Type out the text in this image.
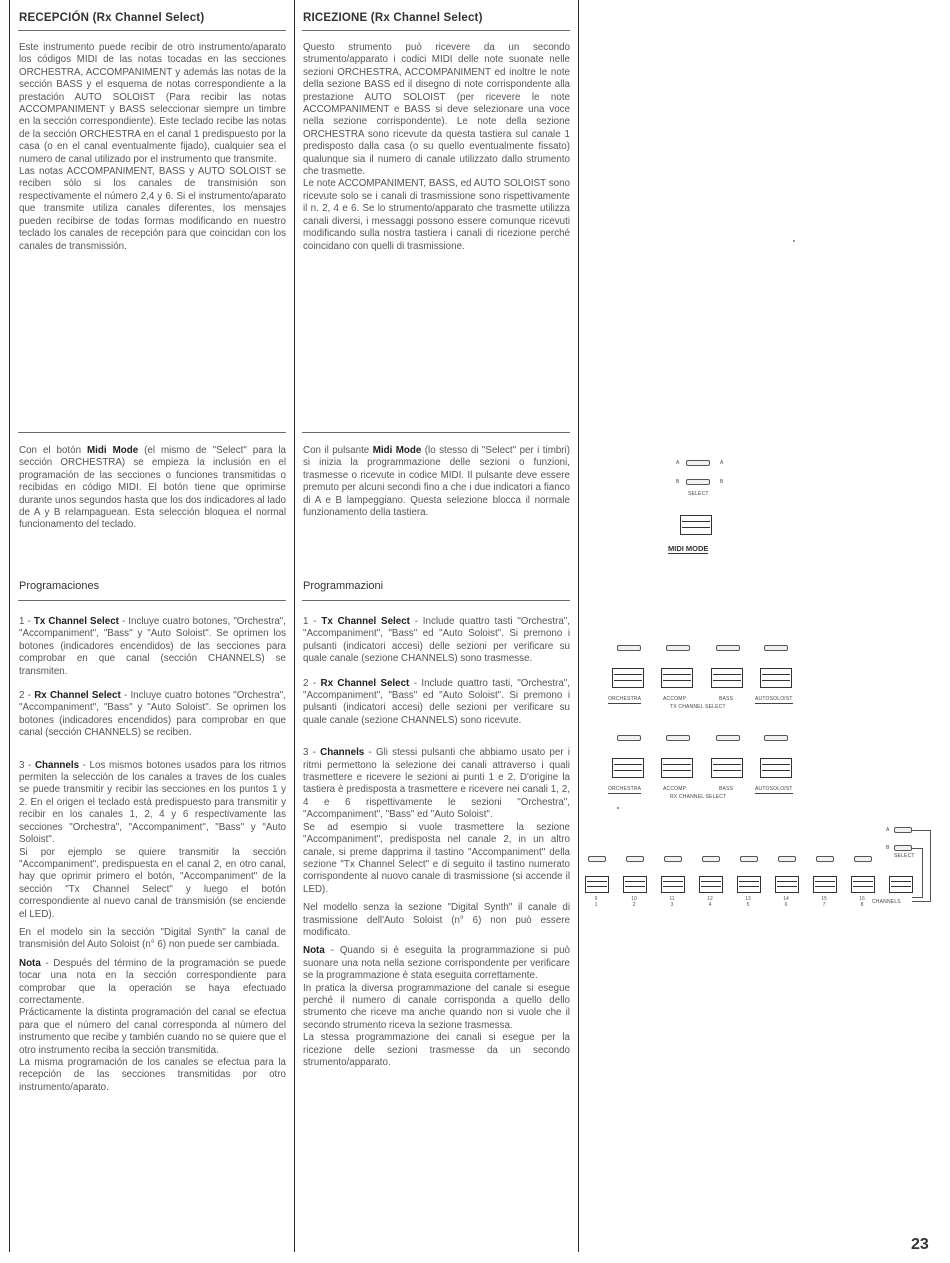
RECEPCIÓN (Rx Channel Select)

Este instrumento puede recibir de otro instrumento/aparato los códigos MIDI de las notas tocadas en las secciones ORCHESTRA, ACCOMPANIMENT y además las notas de la sección BASS y el esquema de notas correspondiente a la prestación AUTO SOLOIST (Para recibir las notas ACCOMPANIMENT y BASS seleccionar siempre un timbre en la sección correspondiente). Este teclado recibe las notas de la sección ORCHESTRA en el canal 1 predispuesto por la casa (o en el canal eventualmente fijado), cualquier sea el numero de canal utilizado por el instrumento que transmite.

Las notas ACCOMPANIMENT, BASS y AUTO SOLOIST se reciben sólo si los canales de transmisión son respectivamente el número 2,4 y 6. Si el instrumento/aparato que transmite utiliza canales diferentes, los mensajes pueden recibirse de todas formas modificando en nuestro teclado los canales de recepción para que coincidan con los canales de transmissión.

Con el botón Midi Mode (el mismo de "Select" para la sección ORCHESTRA) se empieza la inclusión en el programación de las secciones o funciones transmitidas o recibidas en código MIDI. El botón tiene que oprimirse durante unos segundos hasta que los dos indicadores al lado de A y B relampaguean. Esta selección bloquea el normal funcionamento del teclado.

Programaciones

1 - Tx Channel Select - Incluye cuatro botones, "Orchestra", "Accompaniment", "Bass" y "Auto Soloist". Se oprimen los botones (indicadores encendidos) de las secciones para comprobar en que canal (sección CHANNELS) se transmiten.

2 - Rx Channel Select - Incluye cuatro botones "Orchestra", "Accompaniment", "Bass" y "Auto Soloist". Se oprimen los botones (indicadores encendidos) para comprobar en que canal (sección CHANNELS) se reciben.

3 - Channels - Los mismos botones usados para los ritmos permiten la selección de los canales a traves de los cuales se puede transmitir y recibir las secciones en los puntos 1 y 2. En el origen el teclado está predispuesto para transmitir y recibir en los canales 1, 2, 4 y 6 respectivamente las secciones "Orchestra", "Accompaniment", "Bass" y "Auto Soloist".

Si por ejemplo se quiere transmitir la sección "Accompaniment", predispuesta en el canal 2, en otro canal, hay que oprimir primero el botón, "Accompaniment" de la sección "Tx Channel Select" y luego el botón correspondiente al nuevo canal de transmisión (se enciende el LED).

En el modelo sin la sección "Digital Synth" la canal de transmisión del Auto Soloist (n° 6) non puede ser cambiada.

Nota - Después del término de la programación se puede tocar una nota en la sección correspondiente para comprobar que la operación se haya efectuado correctamente.

Prácticamente la distinta programación del canal se efectua para que el número del canal corresponda al número del instrumento que recibe y también cuando no se quiere que el otro instrumento reciba la sección transmitida.

La misma programación de los canales se efectua para la recepción de las secciones transmitidas por otro instrumento/aparato.

RICEZIONE (Rx Channel Select)

Questo strumento può ricevere da un secondo strumento/apparato i codici MIDI delle note suonate nelle sezioni ORCHESTRA, ACCOMPANIMENT ed inoltre le note della sezione BASS ed il disegno di note corrispondente alla prestazione AUTO SOLOIST (per ricevere le note ACCOMPANIMENT e BASS si deve selezionare una voce nella sezione corrispondente). Le note della sezione ORCHESTRA sono ricevute da questa tastiera sul canale 1 predisposto dalla casa (o su quello eventualmente fissato) qualunque sia il numero di canale utilizzato dallo strumento che trasmette.

Le note ACCOMPANIMENT, BASS, ed AUTO SOLOIST sono ricevute solo se i canali di trasmissione sono rispettivamente il n. 2, 4 e 6. Se lo strumento/apparato che trasmette utilizza canali diversi, i messaggi possono essere comunque ricevuti modificando sulla nostra tastiera i canali di ricezione perché coincidano con quelli di trasmissione.

Con il pulsante Midi Mode (lo stesso di "Select" per i timbri) si inizia la programmazione delle sezioni o funzioni, trasmesse o ricevute in codice MIDI. Il pulsante deve essere premuto per alcuni secondi fino a che i due indicatori a fianco di A e B lampeggiano. Questa selezione blocca il normale funzionamento della tastiera.

Programmazioni

1 - Tx Channel Select - Include quattro tasti "Orchestra", "Accompaniment", "Bass" ed "Auto Soloist". Si premono i pulsanti (indicatori accesi) delle sezioni per verificare su quale canale (sezione CHANNELS) sono trasmesse.

2 - Rx Channel Select - Include quattro tasti, "Orchestra", "Accompaniment", "Bass" ed "Auto Soloist". Si premono i pulsanti (indicatori accesi) delle sezioni per verificare su quale canale (sezione CHANNELS) sono ricevute.

3 - Channels - Gli stessi pulsanti che abbiamo usato per i ritmi permettono la selezione dei canali attraverso i quali trasmettere e ricevere le sezioni ai punti 1 e 2. D'origine la tastiera è predisposta a trasmettere e ricevere nei canali 1, 2, 4 e 6 rispettivamente le sezioni "Orchestra", "Accompaniment", "Bass" ed "Auto Soloist".

Se ad esempio si vuole trasmettere la sezione "Accompaniment", predisposta nel canale 2, in un altro canale, si preme dapprima il tastino "Accompaniment" della sezione "Tx Channel Select" e di seguito il tastino numerato corrispondente al nuovo canale di trasmissione (si accende il LED).

Nel modello senza la sezione "Digital Synth" il canale di trasmissione dell'Auto Soloist (n° 6) non può essere modificato.

Nota - Quando si è eseguita la programmazione si può suonare una nota nella sezione corrispondente per verificare se la programmazione è stata eseguita correttamente.

In pratica la diversa programmazione del canale si esegue perché il numero di canale corrisponda a quello dello strumento che riceve ma anche quando non si vuole che il secondo strumento riceva la sezione trasmessa.

La stessa programmazione dei canali si esegue per la ricezione delle sezioni trasmesse da un secondo strumento/apparato.

A	A
B	B
SELECT
MIDI MODE
ORCHESTRA	ACCOMP.	BASS	AUTOSOLOIST
TX CHANNEL SELECT
ORCHESTRA	ACCOMP.	BASS	AUTOSOLOIST
RX CHANNEL SELECT
A
B
SELECT
9	10	11	12	13	14	15	16
1	2	3	4	5	6	7	8	CHANNELS
23
